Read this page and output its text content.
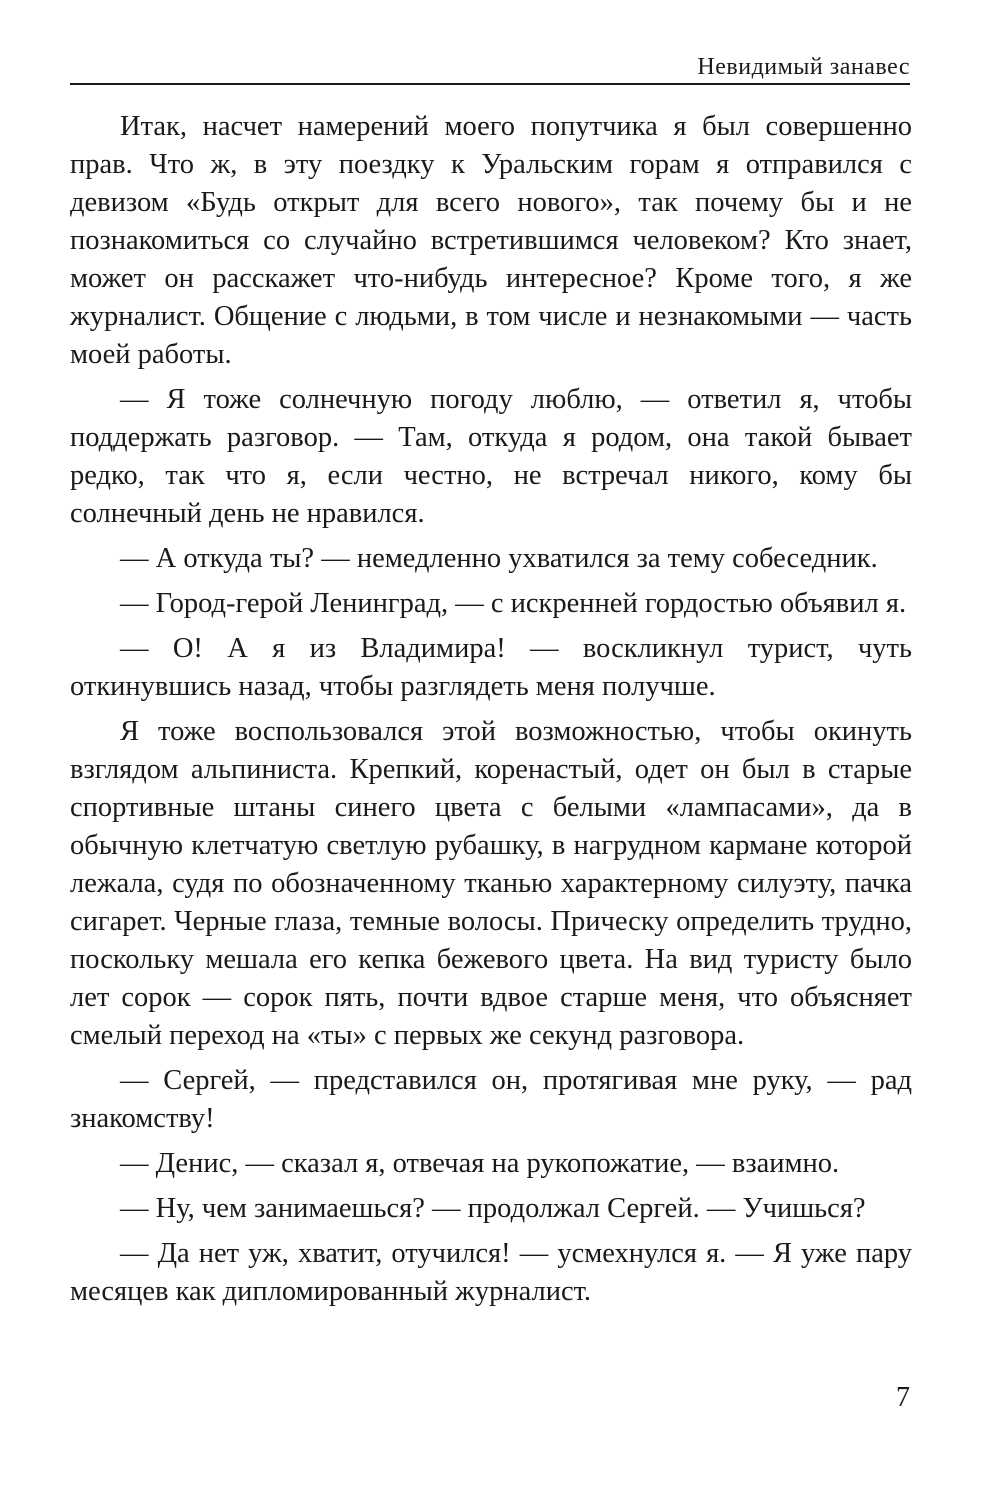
Невидимый занавес

Итак, насчет намерений моего попутчика я был совершенно прав. Что ж, в эту поездку к Уральским горам я отправился с девизом «Будь открыт для всего нового», так почему бы и не познакомиться со случайно встретившимся человеком? Кто знает, может он расскажет что-нибудь интересное? Кроме того, я же журналист. Общение с людьми, в том числе и незнакомыми — часть моей работы.

— Я тоже солнечную погоду люблю, — ответил я, чтобы поддержать разговор. — Там, откуда я родом, она такой бывает редко, так что я, если честно, не встречал никого, кому бы солнечный день не нравился.

— А откуда ты? — немедленно ухватился за тему собеседник.

— Город-герой Ленинград, — с искренней гордостью объявил я.

— О! А я из Владимира! — воскликнул турист, чуть откинувшись назад, чтобы разглядеть меня получше.

Я тоже воспользовался этой возможностью, чтобы окинуть взглядом альпиниста. Крепкий, коренастый, одет он был в старые спортивные штаны синего цвета с белыми «лампасами», да в обычную клетчатую светлую рубашку, в нагрудном кармане которой лежала, судя по обозначенному тканью характерному силуэту, пачка сигарет. Черные глаза, темные волосы. Прическу определить трудно, поскольку мешала его кепка бежевого цвета. На вид туристу было лет сорок — сорок пять, почти вдвое старше меня, что объясняет смелый переход на «ты» с первых же секунд разговора.

— Сергей, — представился он, протягивая мне руку, — рад знакомству!

— Денис, — сказал я, отвечая на рукопожатие, — взаимно.

— Ну, чем занимаешься? — продолжал Сергей. — Учишься?

— Да нет уж, хватит, отучился! — усмехнулся я. — Я уже пару месяцев как дипломированный журналист.

7
